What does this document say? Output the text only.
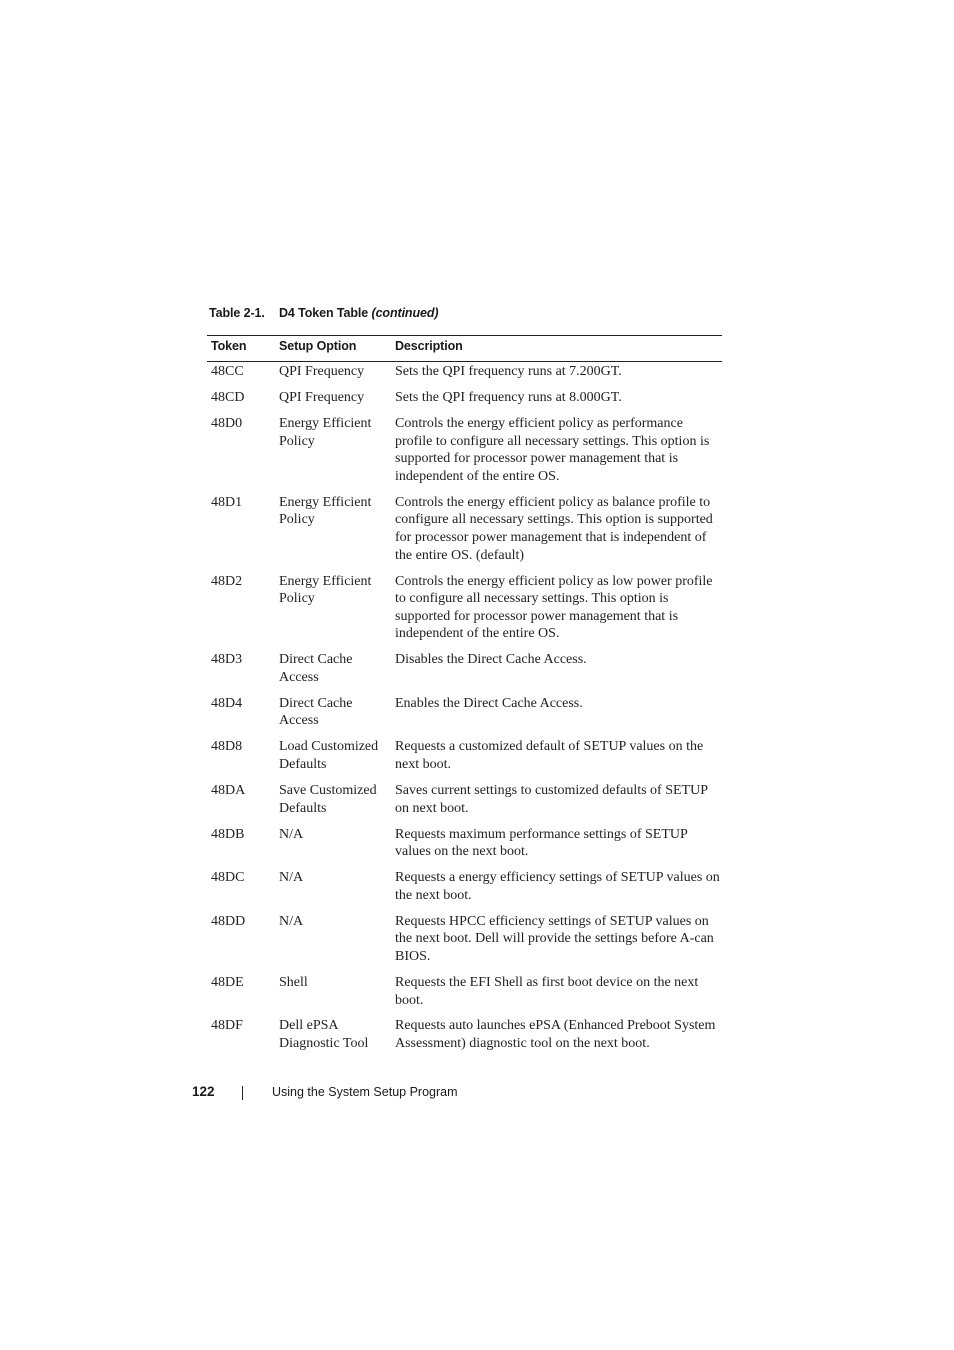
Table 2-1. D4 Token Table (continued)
Token	Setup Option	Description
48CC	QPI Frequency	Sets the QPI frequency runs at 7.200GT.
48CD	QPI Frequency	Sets the QPI frequency runs at 8.000GT.
48D0	Energy Efficient Policy	Controls the energy efficient policy as performance profile to configure all necessary settings. This option is supported for processor power management that is independent of the entire OS.
48D1	Energy Efficient Policy	Controls the energy efficient policy as balance profile to configure all necessary settings. This option is supported for processor power management that is independent of the entire OS. (default)
48D2	Energy Efficient Policy	Controls the energy efficient policy as low power profile to configure all necessary settings. This option is supported for processor power management that is independent of the entire OS.
48D3	Direct Cache Access	Disables the Direct Cache Access.
48D4	Direct Cache Access	Enables the Direct Cache Access.
48D8	Load Customized Defaults	Requests a customized default of SETUP values on the next boot.
48DA	Save Customized Defaults	Saves current settings to customized defaults of SETUP on next boot.
48DB	N/A	Requests maximum performance settings of SETUP values on the next boot.
48DC	N/A	Requests a energy efficiency settings of SETUP values on the next boot.
48DD	N/A	Requests HPCC efficiency settings of SETUP values on the next boot. Dell will provide the settings before A-can BIOS.
48DE	Shell	Requests the EFI Shell as first boot device on the next boot.
48DF	Dell ePSA Diagnostic Tool	Requests auto launches ePSA (Enhanced Preboot System Assessment) diagnostic tool on the next boot.
122	Using the System Setup Program
